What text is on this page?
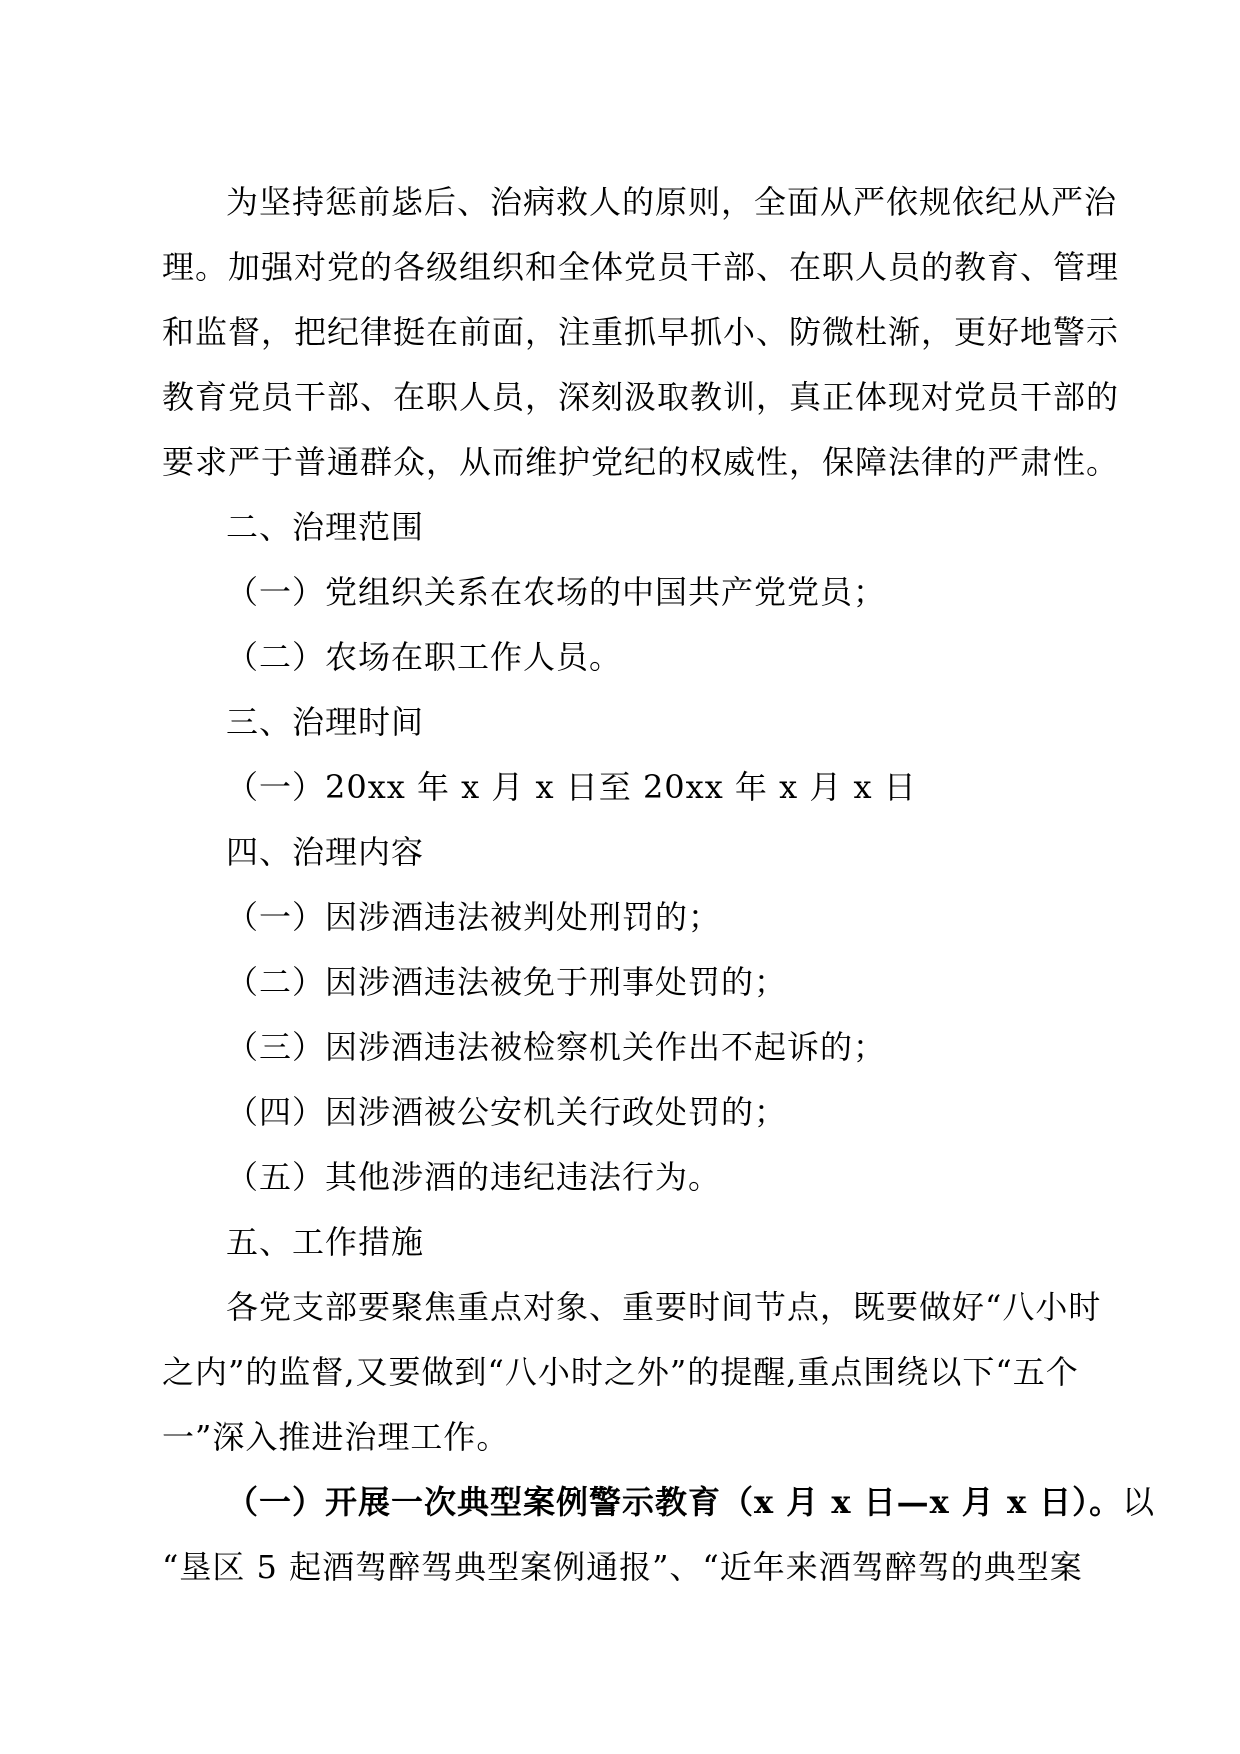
为坚持惩前毖后、治病救人的原则，全面从严依规依纪从严治

理。加强对党的各级组织和全体党员干部、在职人员的教育、管理

和监督，把纪律挺在前面，注重抓早抓小、防微杜渐，更好地警示

教育党员干部、在职人员，深刻汲取教训，真正体现对党员干部的

要求严于普通群众，从而维护党纪的权威性，保障法律的严肃性。

二、治理范围

（一）党组织关系在农场的中国共产党党员；

（二）农场在职工作人员。

三、治理时间

（一）20xx 年 x 月 x 日至 20xx 年 x 月 x 日

四、治理内容

（一）因涉酒违法被判处刑罚的；

（二）因涉酒违法被免于刑事处罚的；

（三）因涉酒违法被检察机关作出不起诉的；

（四）因涉酒被公安机关行政处罚的；

（五）其他涉酒的违纪违法行为。

五、工作措施

各党支部要聚焦重点对象、重要时间节点，既要做好“八小时

之内”的监督,又要做到“八小时之外”的提醒,重点围绕以下“五个

一”深入推进治理工作。

（一）开展一次典型案例警示教育（x 月 x 日—x 月 x 日）。以

“垦区 5 起酒驾醉驾典型案例通报”、“近年来酒驾醉驾的典型案
